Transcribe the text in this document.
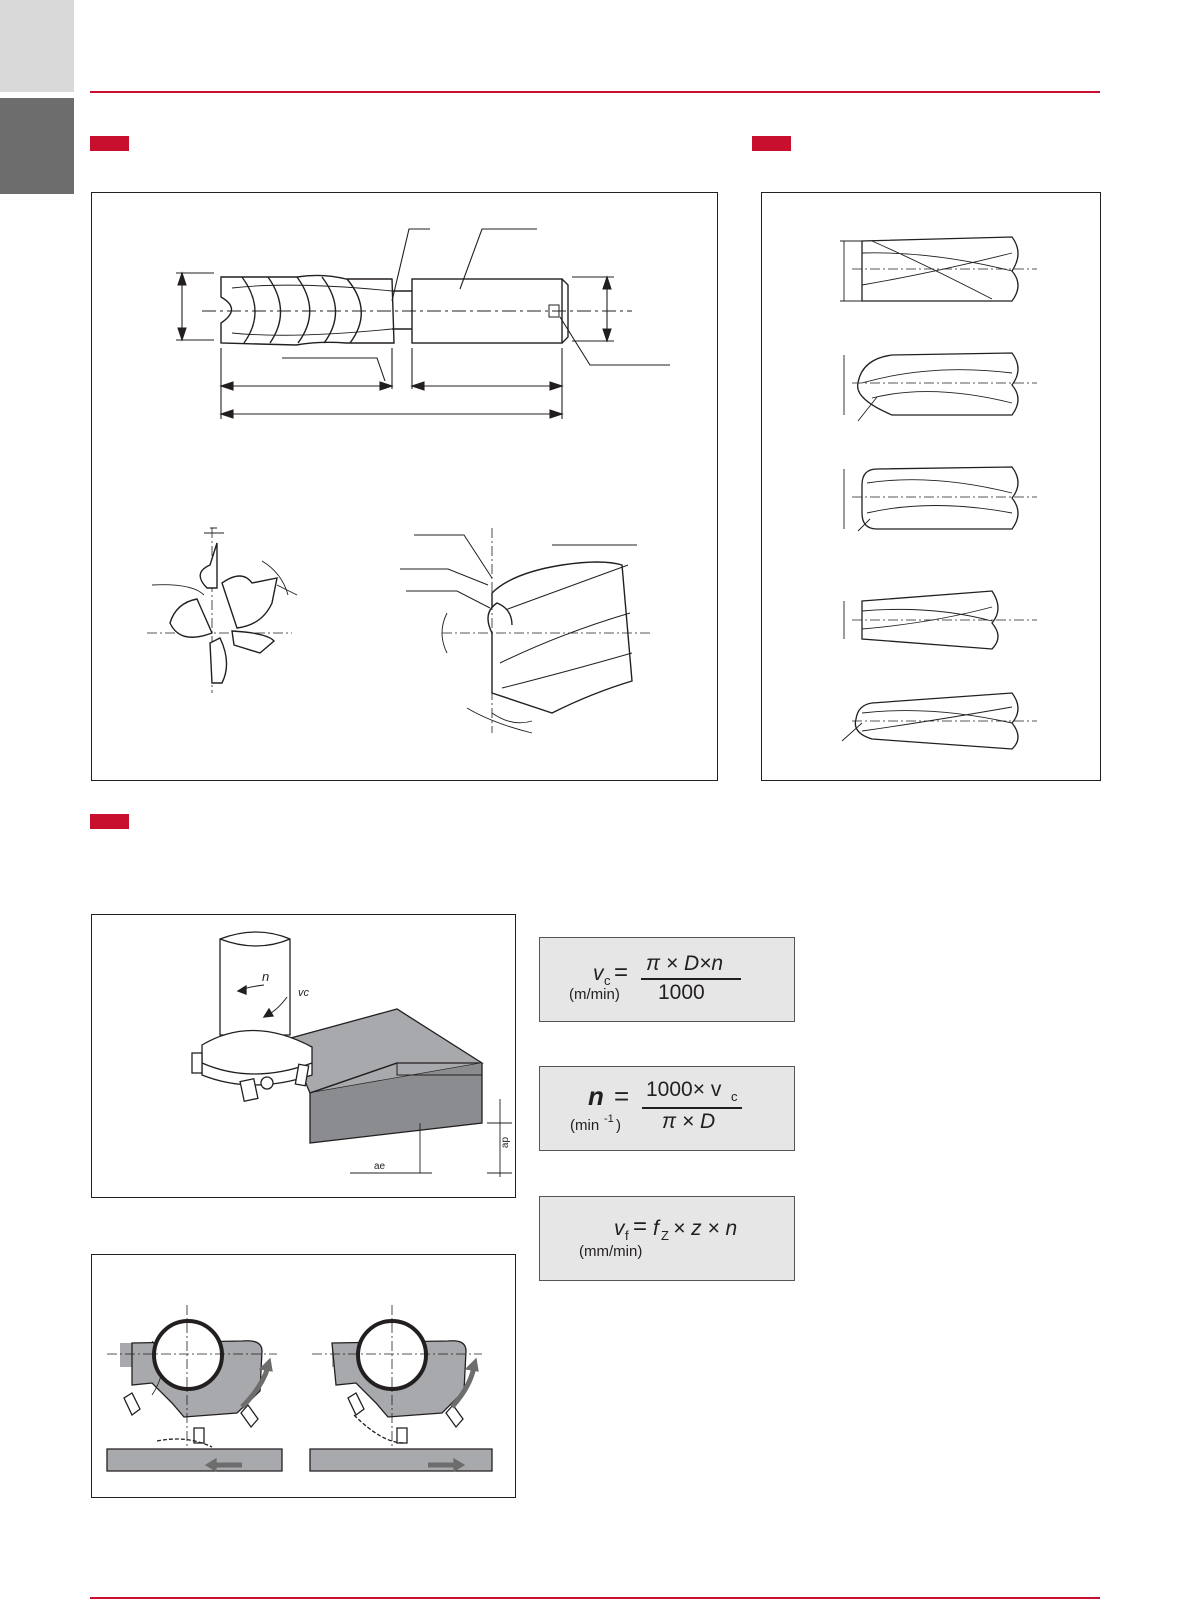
n
vc
ap
ae
v c =
(m/min)
π × D×n
1000
n =
(min -1 )
1000× v c
π × D
v f = f Z × z × n
(mm/min)
